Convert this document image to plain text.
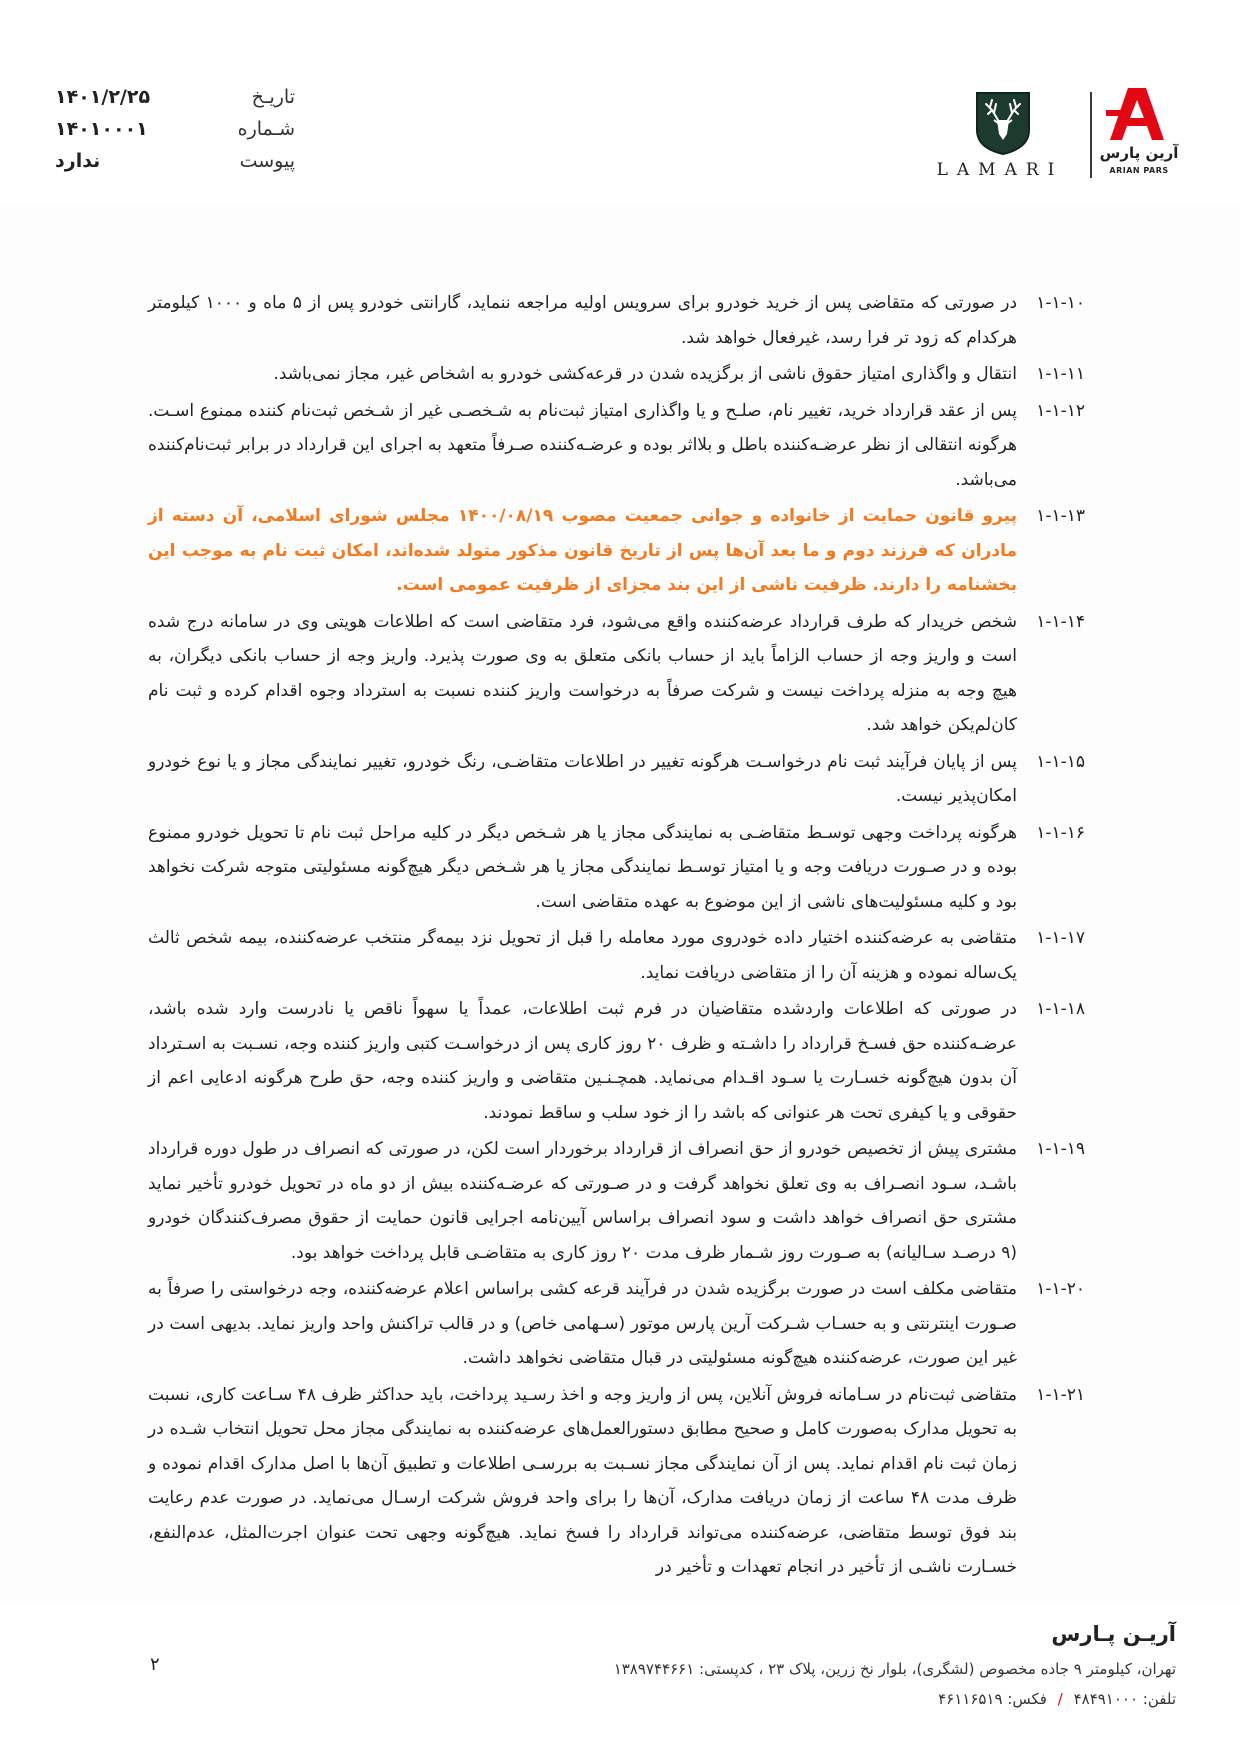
آرین پارس
ARIAN PARS
LAMARI
تاریـخ
۱۴۰۱/۲/۲۵
شـماره
۱۴۰۱۰۰۰۱
پیوست
ندارد
۱-۱-۱۰
در صورتی که متقاضی پس از خرید خودرو برای سرویس اولیه مراجعه ننماید، گارانتی خودرو پس از ۵ ماه و ۱۰۰۰ کیلومتر هرکدام که زود تر فرا رسد، غیرفعال خواهد شد.
۱-۱-۱۱
انتقال و واگذاری امتیاز حقوق ناشی از برگزیده شدن در قرعه‌کشی خودرو به اشخاص غیر، مجاز نمی‌باشد.
۱-۱-۱۲
پس از عقد قرارداد خرید، تغییر نام، صلـح و یا واگذاری امتیاز ثبت‌نام به شـخصـی غیر از شـخص ثبت‌نام کننده ممنوع اسـت. هرگونه انتقالی از نظر عرضـه‌کننده باطل و بلااثر بوده و عرضـه‌کننده صـرفاً متعهد به اجرای این قرارداد در برابر ثبت‌نام‌کننده می‌باشد.
۱-۱-۱۳
پیرو قانون حمایت از خانواده و جوانی جمعیت مصوب ۱۴۰۰/۰۸/۱۹ مجلس شورای اسلامی، آن دسته از مادران که فرزند دوم و ما بعد آن‌ها پس از تاریخ قانون مذکور متولد شده‌اند، امکان ثبت نام به موجب این بخشنامه را دارند. ظرفیت ناشی از این بند مجزای از ظرفیت عمومی است.
۱-۱-۱۴
شخص خریدار که طرف قرارداد عرضه‌کننده واقع می‌شود، فرد متقاضی است که اطلاعات هویتی وی در سامانه درج شده است و واریز وجه از حساب الزاماً باید از حساب بانکی متعلق به وی صورت پذیرد. واریز وجه از حساب بانکی دیگران، به هیچ وجه به منزله پرداخت نیست و شرکت صرفاً به درخواست واریز کننده نسبت به استرداد وجوه اقدام کرده و ثبت نام کان‌لم‌یکن خواهد شد.
۱-۱-۱۵
پس از پایان فرآیند ثبت نام درخواسـت هرگونه تغییر در اطلاعات متقاضـی، رنگ خودرو، تغییر نمایندگی مجاز و یا نوع خودرو امکان‌پذیر نیست.
۱-۱-۱۶
هرگونه پرداخت وجهی توسـط متقاضـی به نمایندگی مجاز یا هر شـخص دیگر در کلیه مراحل ثبت نام تا تحویل خودرو ممنوع بوده و در صـورت دریافت وجه و یا امتیاز توسـط نمایندگی مجاز یا هر شـخص دیگر هیچ‌گونه مسئولیتی متوجه شرکت نخواهد بود و کلیه مسئولیت‌های ناشی از این موضوع به عهده متقاضی است.
۱-۱-۱۷
متقاضی به عرضه‌کننده اختیار داده خودروی مورد معامله را قبل از تحویل نزد بیمه‌گر منتخب عرضه‌کننده، بیمه شخص ثالث یک‌ساله نموده و هزینه آن را از متقاضی دریافت نماید.
۱-۱-۱۸
در صورتی که اطلاعات واردشده متقاضیان در فرم ثبت اطلاعات، عمداً یا سهواً ناقص یا نادرست وارد شده باشد، عرضـه‌کننده حق فسـخ قرارداد را داشـته و ظرف ۲۰ روز کاری پس از درخواسـت کتبی واریز کننده وجه، نسـبت به اسـترداد آن بدون هیچ‌گونه خسـارت یا سـود اقـدام می‌نماید. همچـنـین متقاضی و واریز کننده وجه، حق طرح هرگونه ادعایی اعم از حقوقی و یا کیفری تحت هر عنوانی که باشد را از خود سلب و ساقط نمودند.
۱-۱-۱۹
مشتری پیش از تخصیص خودرو از حق انصراف از قرارداد برخوردار است لکن، در صورتی که انصراف در طول دوره قرارداد باشـد، سـود انصـراف به وی تعلق نخواهد گرفت و در صـورتی که عرضـه‌کننده بیش از دو ماه در تحویل خودرو تأخیر نماید مشتری حق انصراف خواهد داشت و سود انصراف براساس آیین‌نامه اجرایی قانون حمایت از حقوق مصرف‌کنندگان خودرو (۹ درصـد سـالیانه) به صـورت روز شـمار ظرف مدت ۲۰ روز کاری به متقاضـی قابل پرداخت خواهد بود.
۱-۱-۲۰
متقاضی مکلف است در صورت برگزیده شدن در فرآیند قرعه کشی براساس اعلام عرضه‌کننده، وجه درخواستی را صرفاً به صـورت اینترنتی و به حسـاب شـرکت آرین پارس موتور (سـهامی خاص) و در قالب تراکنش واحد واریز نماید. بدیهی است در غیر این صورت، عرضه‌کننده هیچ‌گونه مسئولیتی در قبال متقاضی نخواهد داشت.
۱-۱-۲۱
متقاضی ثبت‌نام در سـامانه فروش آنلاین، پس از واریز وجه و اخذ رسـید پرداخت، باید حداکثر ظرف ۴۸ سـاعت کاری، نسبت به تحویل مدارک به‌صورت کامل و صحیح مطابق دستورالعمل‌های عرضه‌کننده به نمایندگی مجاز محل تحویل انتخاب شـده در زمان ثبت نام اقدام نماید. پس از آن نمایندگی مجاز نسـبت به بررسـی اطلاعات و تطبیق آن‌ها با اصل مدارک اقدام نموده و ظرف مدت ۴۸ ساعت از زمان دریافت مدارک، آن‌ها را برای واحد فروش شرکت ارسـال می‌نماید. در صورت عدم رعایت بند فوق توسط متقاضی، عرضه‌کننده می‌تواند قرارداد را فسخ نماید. هیچ‌گونه وجهی تحت عنوان اجرت‌المثل، عدم‌النفع، خسـارت ناشـی از تأخیر در انجام تعهدات و تأخیر در
آریـن پـارس
تهران، کیلومتر ۹ جاده مخصوص (لشگری)، بلوار نخ زرین، پلاک ۲۳ ، کدپستی: ۱۳۸۹۷۴۴۶۶۱
تلفن: ۴۸۴۹۱۰۰۰ / فکس: ۴۶۱۱۶۵۱۹
۲
